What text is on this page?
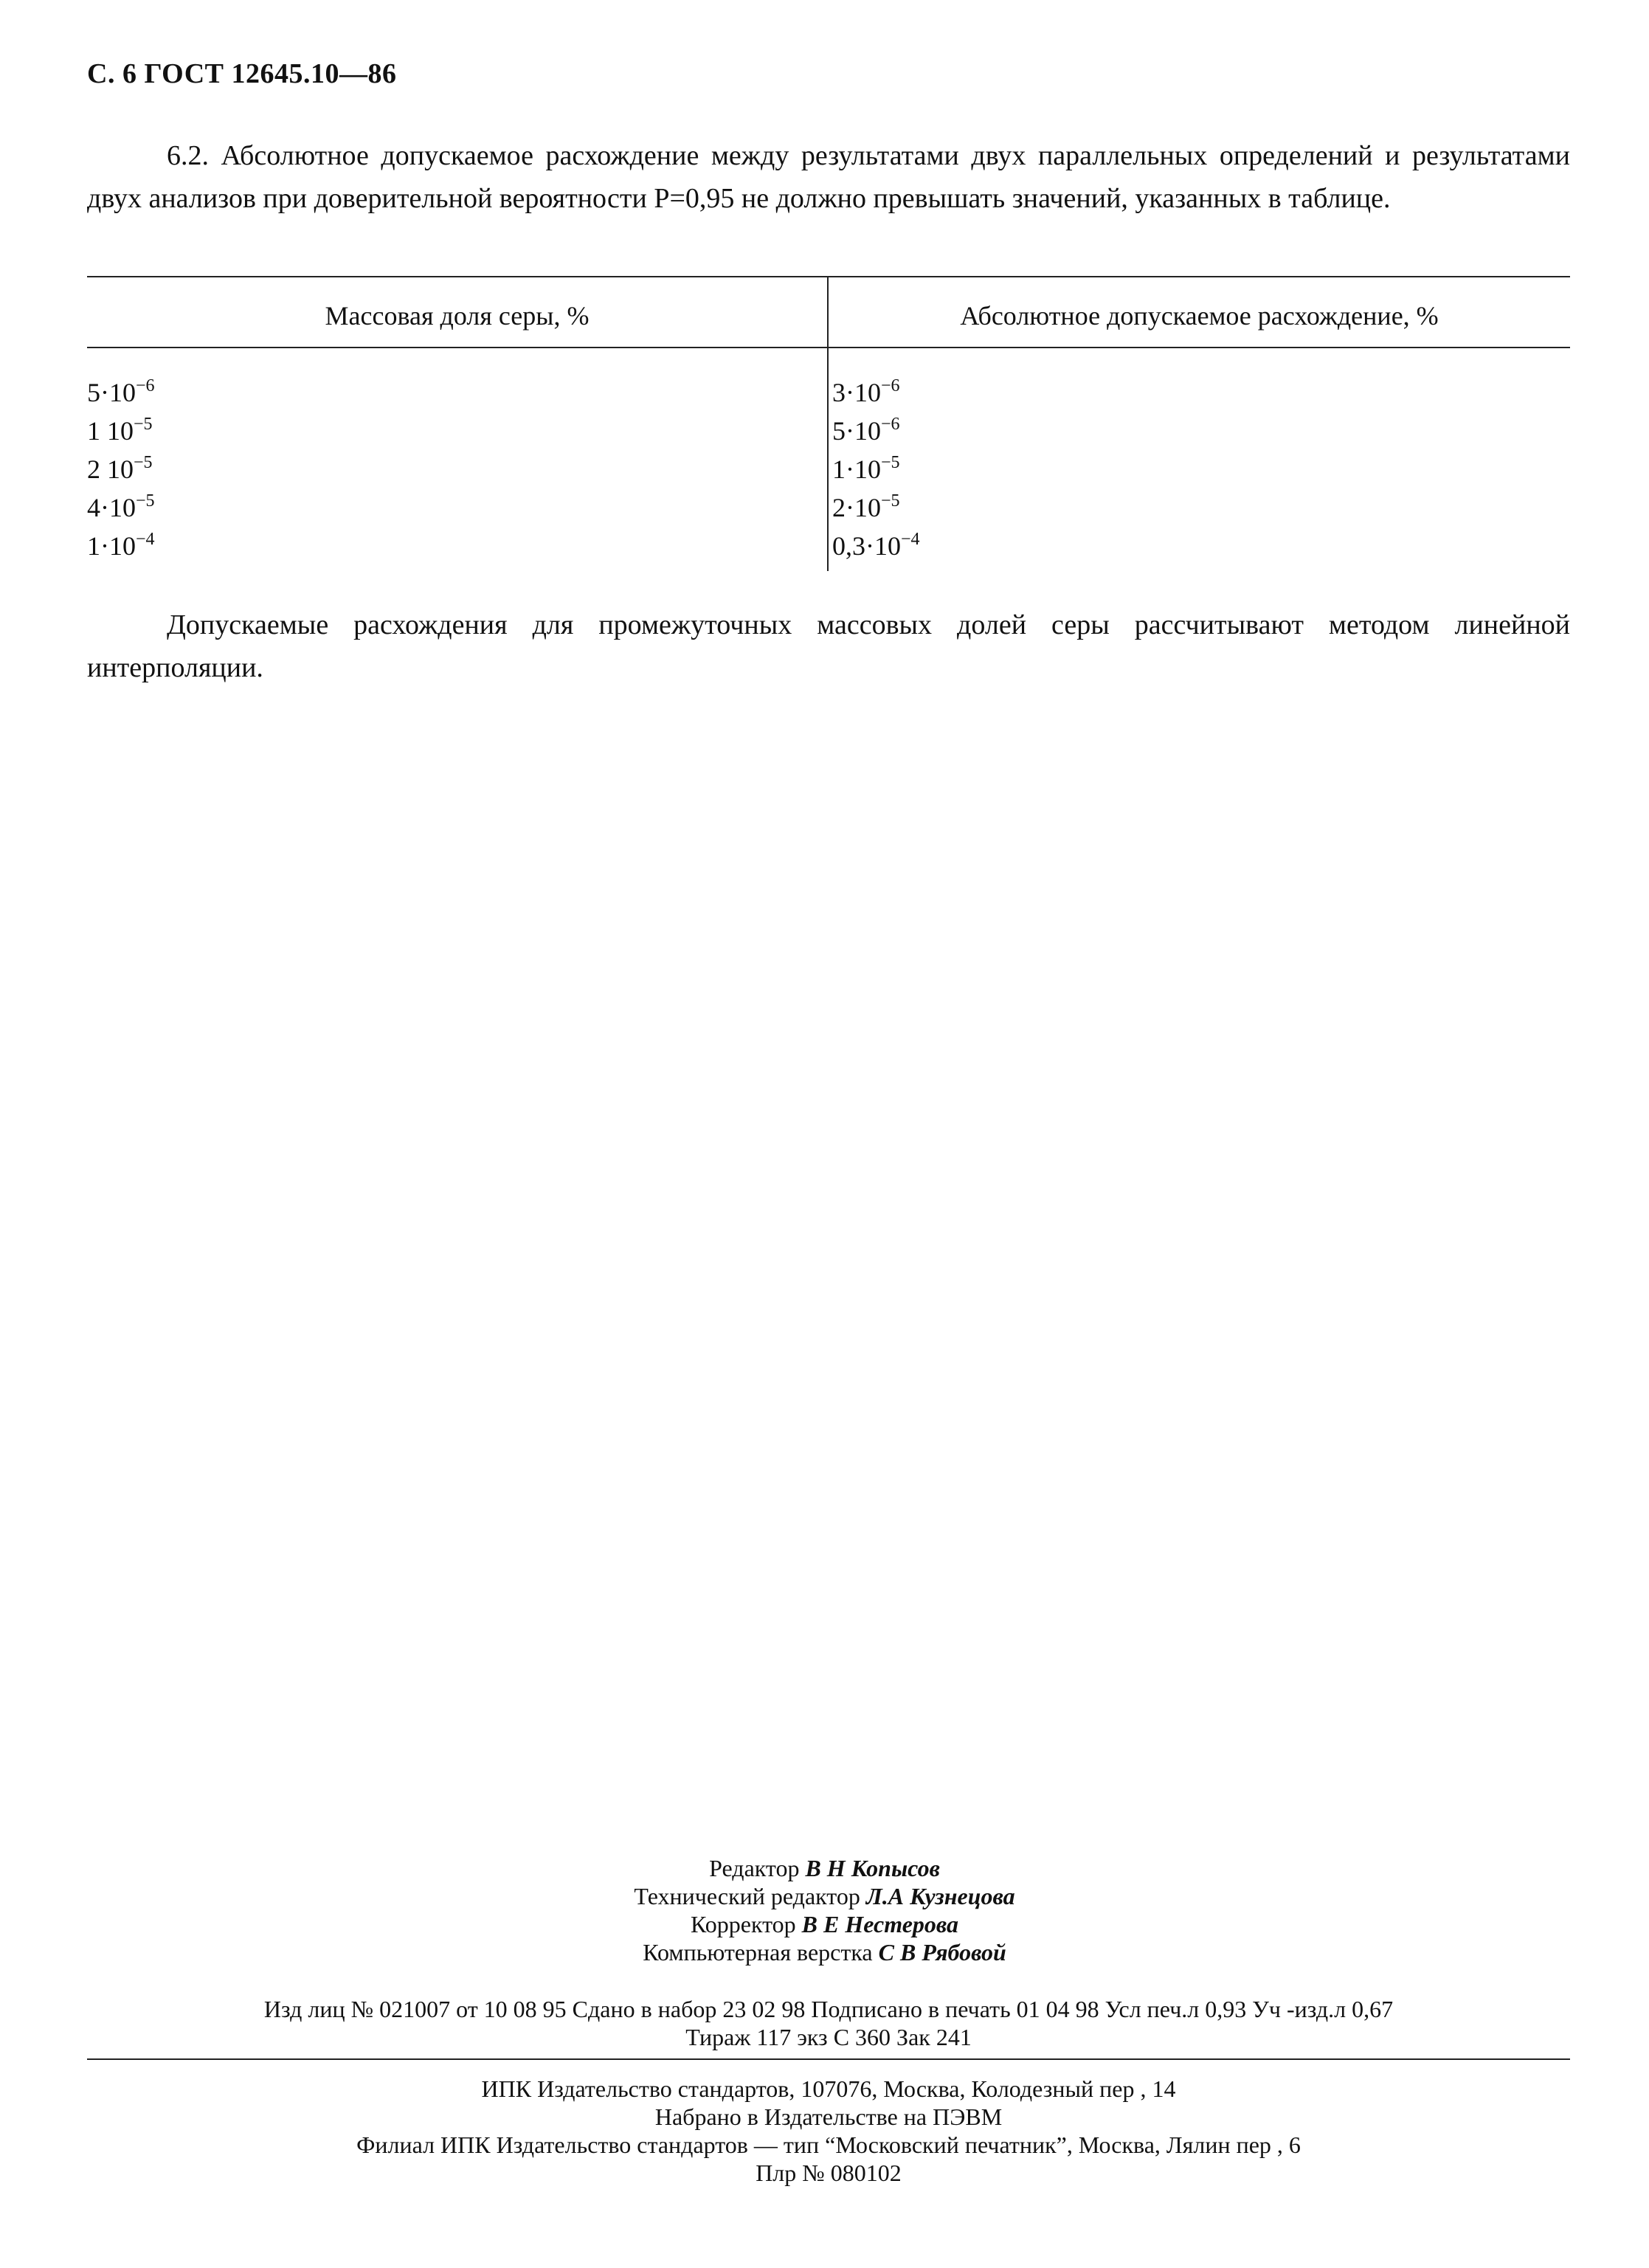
С. 6 ГОСТ 12645.10—86
6.2. Абсолютное допускаемое расхождение между результатами двух параллельных определений и результатами двух анализов при доверительной вероятности P=0,95 не должно превышать значений, указанных в таблице.
Массовая доля серы, %	Абсолютное допускаемое расхождение, %
$5\cdot 10^{-6}$	$3\cdot 10^{-6}$
1 $10^{-5}$	$5\cdot 10^{-6}$
2 $10^{-5}$	$1\cdot 10^{-5}$
$4\cdot 10^{-5}$	$2\cdot 10^{-5}$
$1\cdot 10^{-4}$	$0,3\cdot 10^{-4}$
Допускаемые расхождения для промежуточных массовых долей серы рассчитывают методом линейной интерполяции.
Редактор В Н Копысов
Технический редактор Л.А Кузнецова
Корректор В Е Нестерова
Компьютерная верстка С В Рябовой
Изд лиц № 021007 от 10 08 95 Сдано в набор 23 02 98 Подписано в печать 01 04 98 Усл печ.л 0,93 Уч -изд.л 0,67
Тираж 117 экз С 360 Зак 241
ИПК Издательство стандартов, 107076, Москва, Колодезный пер , 14
Набрано в Издательстве на ПЭВМ
Филиал ИПК Издательство стандартов — тип “Московский печатник”, Москва, Лялин пер , 6
Плр № 080102
